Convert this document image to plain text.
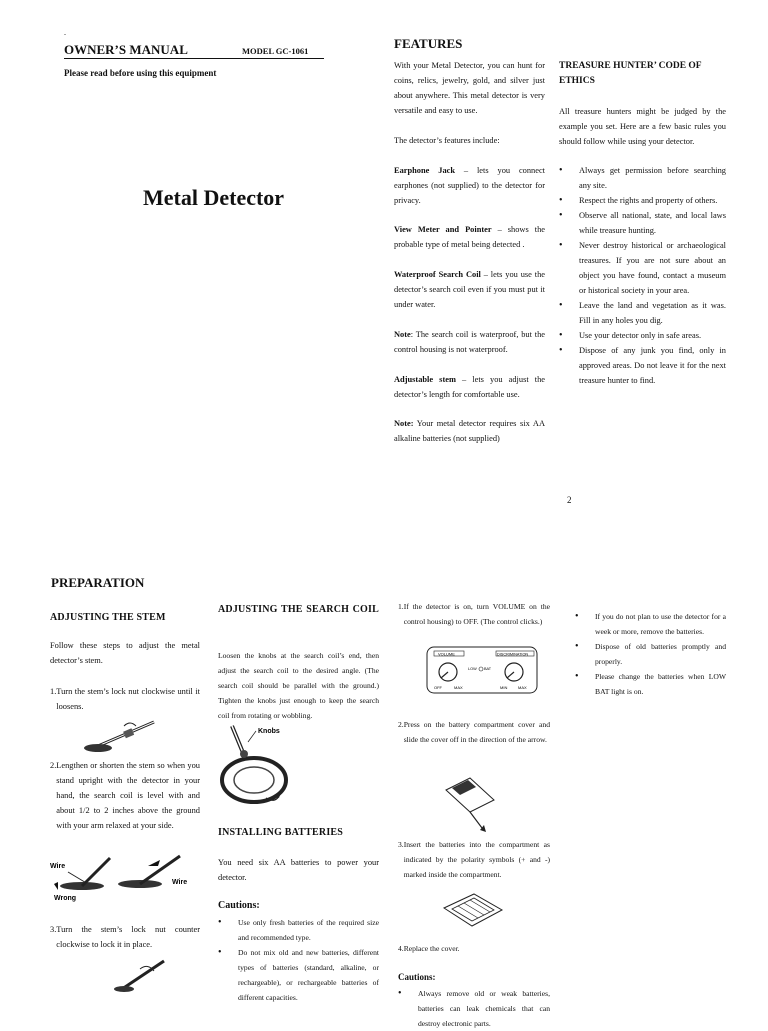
.
OWNER’S MANUAL	MODEL GC-1061
Please read before using this equipment
Metal Detector
FEATURES

With your Metal Detector, you can hunt for coins, relics, jewelry, gold, and silver just about anywhere. This metal detector is very versatile and easy to use.

The detector’s features include:

Earphone Jack – lets you connect earphones (not supplied) to the detector for privacy.
View Meter and Pointer – shows the probable type of metal being detected .
Waterproof Search Coil – lets you use the detector’s search coil even if you must put it under water.
Note: The search coil is waterproof, but the control housing is not waterproof.
Adjustable stem – lets you adjust the detector’s length for comfortable use.
Note: Your metal detector requires six AA alkaline batteries (not supplied)
TREASURE HUNTER’ CODE OF ETHICS
All treasure hunters might be judged by the example you set. Here are a few basic rules you should follow while using your detector.
• Always get permission before searching any site.
• Respect the rights and property of others.
• Observe all national, state, and local laws while treasure hunting.
• Never destroy historical or archaeological treasures. If you are not sure about an object you have found, contact a museum or historical society in your area.
• Leave the land and vegetation as it was. Fill in any holes you dig.
• Use your detector only in safe areas.
• Dispose of any junk you find, only in approved areas. Do not leave it for the next treasure hunter to find.
2
PREPARATION
ADJUSTING THE STEM
Follow these steps to adjust the metal detector’s stem.
1. Turn the stem’s lock nut clockwise until it loosens.
2. Lengthen or shorten the stem so when you stand upright with the detector in your hand, the search coil is level with and about 1/2 to 2 inches above the ground with your arm relaxed at your side.
Wire
Wrong
Wire
3. Turn the stem’s lock nut counter clockwise to lock it in place.
ADJUSTING THE SEARCH COIL
Loosen the knobs at the search coil’s end, then adjust the search coil to the desired angle. (The search coil should be parallel with the ground.) Tighten the knobs just enough to keep the search coil from rotating or wobbling.
Knobs
INSTALLING BATTERIES
You need six AA batteries to power your detector.
Cautions:
• Use only fresh batteries of the required size and recommended type.
• Do not mix old and new batteries, different types of batteries (standard, alkaline, or rechargeable), or rechargeable batteries of different capacities.
1. If the detector is on, turn VOLUME on the control housing) to OFF. (The control clicks.)
VOLUME	DISCRIMINATION
LOW BAT
OFF	MAX	MIN	MAX
2. Press on the battery compartment cover and slide the cover off in the direction of the arrow.
3. Insert the batteries into the compartment as indicated by the polarity symbols (+ and -) marked inside the compartment.
4. Replace the cover.
Cautions:
• Always remove old or weak batteries, batteries can leak chemicals that can destroy electronic parts.
• If you do not plan to use the detector for a week or more, remove the batteries.
• Dispose of old batteries promptly and properly.
• Please change the batteries when LOW BAT light is on.
